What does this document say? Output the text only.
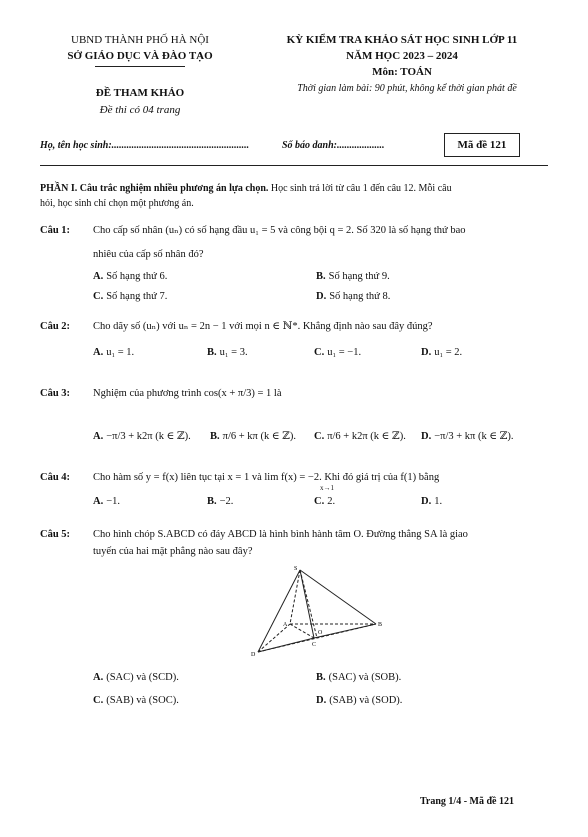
UBND THÀNH PHỐ HÀ NỘI
SỞ GIÁO DỤC VÀ ĐÀO TẠO
ĐỀ THAM KHẢO
Đề thi có 04 trang
KỲ KIỂM TRA KHẢO SÁT HỌC SINH LỚP 11
NĂM HỌC 2023 – 2024
Môn: TOÁN
Thời gian làm bài: 90 phút, không kể thời gian phát đề
Họ, tên học sinh:.......................................................	Số báo danh:...................	Mã đề 121
PHẦN I. Câu trắc nghiệm nhiều phương án lựa chọn. Học sinh trả lời từ câu 1 đến câu 12. Mỗi câu
hỏi, học sinh chỉ chọn một phương án.
Câu 1: Cho cấp số nhân (uₙ) có số hạng đầu u₁ = 5 và công bội q = 2. Số 320 là số hạng thứ bao
nhiêu của cấp số nhân đó?
A. Số hạng thứ 6.	B. Số hạng thứ 9.
C. Số hạng thứ 7.	D. Số hạng thứ 8.
Câu 2: Cho dãy số (uₙ) với uₙ = 2n − 1 với mọi n ∈ ℕ*. Khẳng định nào sau đây đúng?
A. u₁ = 1.	B. u₁ = 3.	C. u₁ = −1.	D. u₁ = 2.
Câu 3: Nghiệm của phương trình cos(x + π/3) = 1 là
A. −π/3 + k2π (k ∈ ℤ). B. π/6 + kπ (k ∈ ℤ). C. π/6 + k2π (k ∈ ℤ). D. −π/3 + kπ (k ∈ ℤ).
Câu 4: Cho hàm số y = f(x) liên tục tại x = 1 và lim f(x) = −2. Khi đó giá trị của f(1) bằng
x→1
A. −1.	B. −2.	C. 2.	D. 1.
Câu 5: Cho hình chóp S.ABCD có đáy ABCD là hình bình hành tâm O. Đường thẳng SA là giao
tuyến của hai mặt phẳng nào sau đây?
S
A	B
C
D
O
A. (SAC) và (SCD).	B. (SAC) và (SOB).
C. (SAB) và (SOC).	D. (SAB) và (SOD).
Trang 1/4 - Mã đề 121
